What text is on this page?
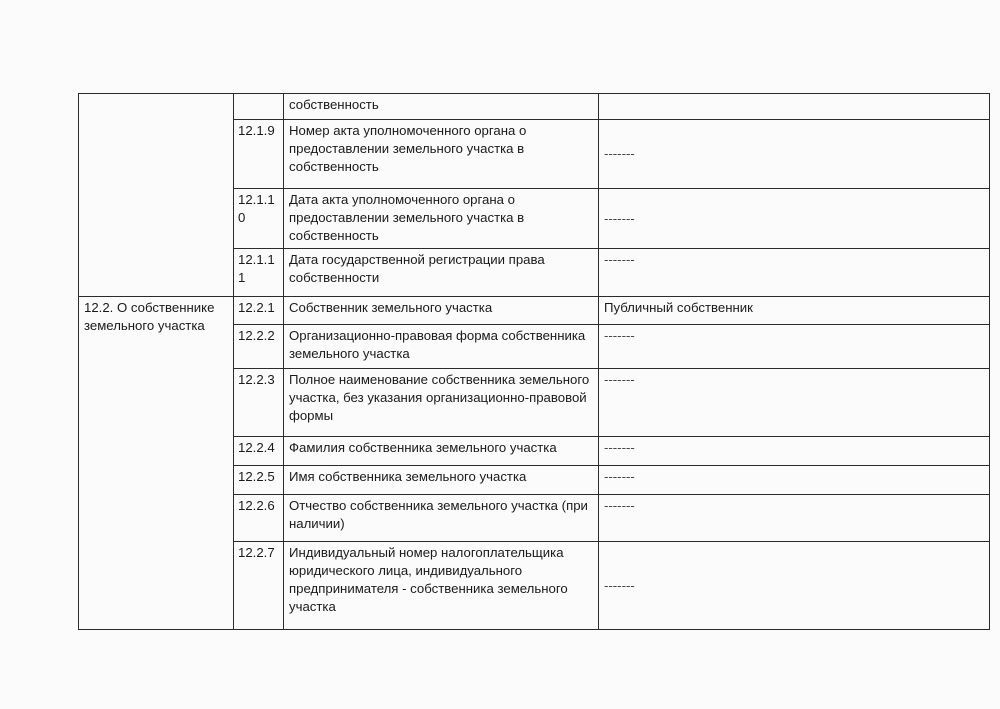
		собственность	
	12.1.9	Номер акта уполномоченного органа о предоставлении земельного участка в собственность	-------
	12.1.10	Дата акта уполномоченного органа о предоставлении земельного участка в собственность	-------
	12.1.11	Дата государственной регистрации права собственности	-------
12.2. О собственнике земельного участка	12.2.1	Собственник земельного участка	Публичный собственник
	12.2.2	Организационно-правовая форма собственника земельного участка	-------
	12.2.3	Полное наименование собственника земельного участка, без указания организационно-правовой формы	-------
	12.2.4	Фамилия собственника земельного участка	-------
	12.2.5	Имя собственника земельного участка	-------
	12.2.6	Отчество собственника земельного участка (при наличии)	-------
	12.2.7	Индивидуальный номер налогоплательщика юридического лица, индивидуального предпринимателя - собственника земельного участка	-------
